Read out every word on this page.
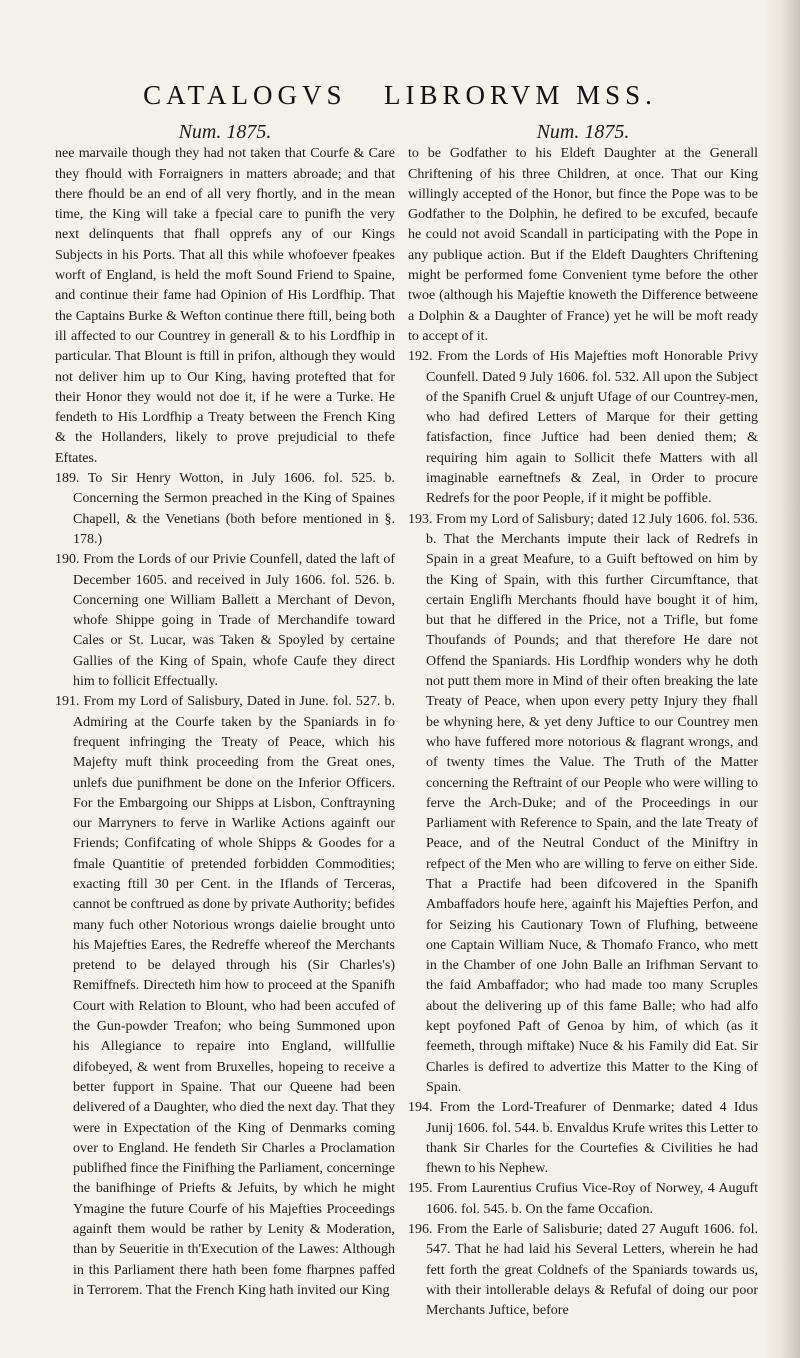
CATALOGVS LIBRORVM MSS.
Num. 1875.

nee marvaile though they had not taken that Courfe & Care they fhould with Forraigners in matters abroade; and that there fhould be an end of all very fhortly, and in the mean time, the King will take a fpecial care to punifh the very next delinquents that fhall opprefs any of our Kings Subjects in his Ports. That all this while whofoever fpeakes worft of England, is held the moft Sound Friend to Spaine, and continue their fame had Opinion of His Lordfhip. That the Captains Burke & Wefton continue there ftill, being both ill affected to our Countrey in generall & to his Lordfhip in particular. That Blount is ftill in prifon, although they would not deliver him up to Our King, having protefted that for their Honor they would not doe it, if he were a Turke. He fendeth to His Lordfhip a Treaty between the French King & the Hollanders, likely to prove prejudicial to thefe Eftates.

189. To Sir Henry Wotton, in July 1606. fol. 525. b. Concerning the Sermon preached in the King of Spaines Chapell, & the Venetians (both before mentioned in §. 178.)

190. From the Lords of our Privie Counfell, dated the laft of December 1605. and received in July 1606. fol. 526. b. Concerning one William Ballett a Merchant of Devon, whofe Shippe going in Trade of Merchandife toward Cales or St. Lucar, was Taken & Spoyled by certaine Gallies of the King of Spain, whofe Caufe they direct him to follicit Effectually.

191. From my Lord of Salisbury, Dated in June. fol. 527. b. Admiring at the Courfe taken by the Spaniards in fo frequent infringing the Treaty of Peace, which his Majefty muft think proceeding from the Great ones, unlefs due punifhment be done on the Inferior Officers. For the Embargoing our Shipps at Lisbon, Conftrayning our Marryners to ferve in Warlike Actions againft our Friends; Confifcating of whole Shipps & Goodes for a fmale Quantitie of pretended forbidden Commodities; exacting ftill 30 per Cent. in the Iflands of Terceras, cannot be conftrued as done by private Authority; befides many fuch other Notorious wrongs daielie brought unto his Majefties Eares, the Redreffe whereof the Merchants pretend to be delayed through his (Sir Charles's) Remiffnefs. Directeth him how to proceed at the Spanifh Court with Relation to Blount, who had been accufed of the Gun-powder Treafon; who being Summoned upon his Allegiance to repaire into England, willfullie difobeyed, & went from Bruxelles, hopeing to receive a better fupport in Spaine. That our Queene had been delivered of a Daughter, who died the next day. That they were in Expectation of the King of Denmarks coming over to England. He fendeth Sir Charles a Proclamation publifhed fince the Finifhing the Parliament, concerninge the banifhinge of Priefts & Jefuits, by which he might Ymagine the future Courfe of his Majefties Proceedings againft them would be rather by Lenity & Moderation, than by Seueritie in th'Execution of the Lawes: Although in this Parliament there hath been fome fharpnes paffed in Terrorem. That the French King hath invited our King

Num. 1875.

to be Godfather to his Eldeft Daughter at the Generall Chriftening of his three Children, at once. That our King willingly accepted of the Honor, but fince the Pope was to be Godfather to the Dolphin, he defired to be excufed, becaufe he could not avoid Scandall in participating with the Pope in any publique action. But if the Eldeft Daughters Chriftening might be performed fome Convenient tyme before the other twoe (although his Majeftie knoweth the Difference betweene a Dolphin & a Daughter of France) yet he will be moft ready to accept of it.

192. From the Lords of His Majefties moft Honorable Privy Counfell. Dated 9 July 1606. fol. 532. All upon the Subject of the Spanifh Cruel & unjuft Ufage of our Countrey-men, who had defired Letters of Marque for their getting fatisfaction, fince Juftice had been denied them; & requiring him again to Sollicit thefe Matters with all imaginable earneftnefs & Zeal, in Order to procure Redrefs for the poor People, if it might be poffible.

193. From my Lord of Salisbury; dated 12 July 1606. fol. 536. b. That the Merchants impute their lack of Redrefs in Spain in a great Meafure, to a Guift beftowed on him by the King of Spain, with this further Circumftance, that certain Englifh Merchants fhould have bought it of him, but that he differed in the Price, not a Trifle, but fome Thoufands of Pounds; and that therefore He dare not Offend the Spaniards. His Lordfhip wonders why he doth not putt them more in Mind of their often breaking the late Treaty of Peace, when upon every petty Injury they fhall be whyning here, & yet deny Juftice to our Countrey men who have fuffered more notorious & flagrant wrongs, and of twenty times the Value. The Truth of the Matter concerning the Reftraint of our People who were willing to ferve the Arch-Duke; and of the Proceedings in our Parliament with Reference to Spain, and the late Treaty of Peace, and of the Neutral Conduct of the Miniftry in refpect of the Men who are willing to ferve on either Side. That a Practife had been difcovered in the Spanifh Ambaffadors houfe here, againft his Majefties Perfon, and for Seizing his Cautionary Town of Flufhing, betweene one Captain William Nuce, & Thomafo Franco, who mett in the Chamber of one John Balle an Irifhman Servant to the faid Ambaffador; who had made too many Scruples about the delivering up of this fame Balle; who had alfo kept poyfoned Paft of Genoa by him, of which (as it feemeth, through miftake) Nuce & his Family did Eat. Sir Charles is defired to advertize this Matter to the King of Spain.

194. From the Lord-Treafurer of Denmarke; dated 4 Idus Junij 1606. fol. 544. b. Envaldus Krufe writes this Letter to thank Sir Charles for the Courtefies & Civilities he had fhewn to his Nephew.

195. From Laurentius Crufius Vice-Roy of Norwey, 4 Auguft 1606. fol. 545. b. On the fame Occafion.

196. From the Earle of Salisburie; dated 27 Auguft 1606. fol. 547. That he had laid his Several Letters, wherein he had fett forth the great Coldnefs of the Spaniards towards us, with their intollerable delays & Refufal of doing our poor Merchants Juftice, before
